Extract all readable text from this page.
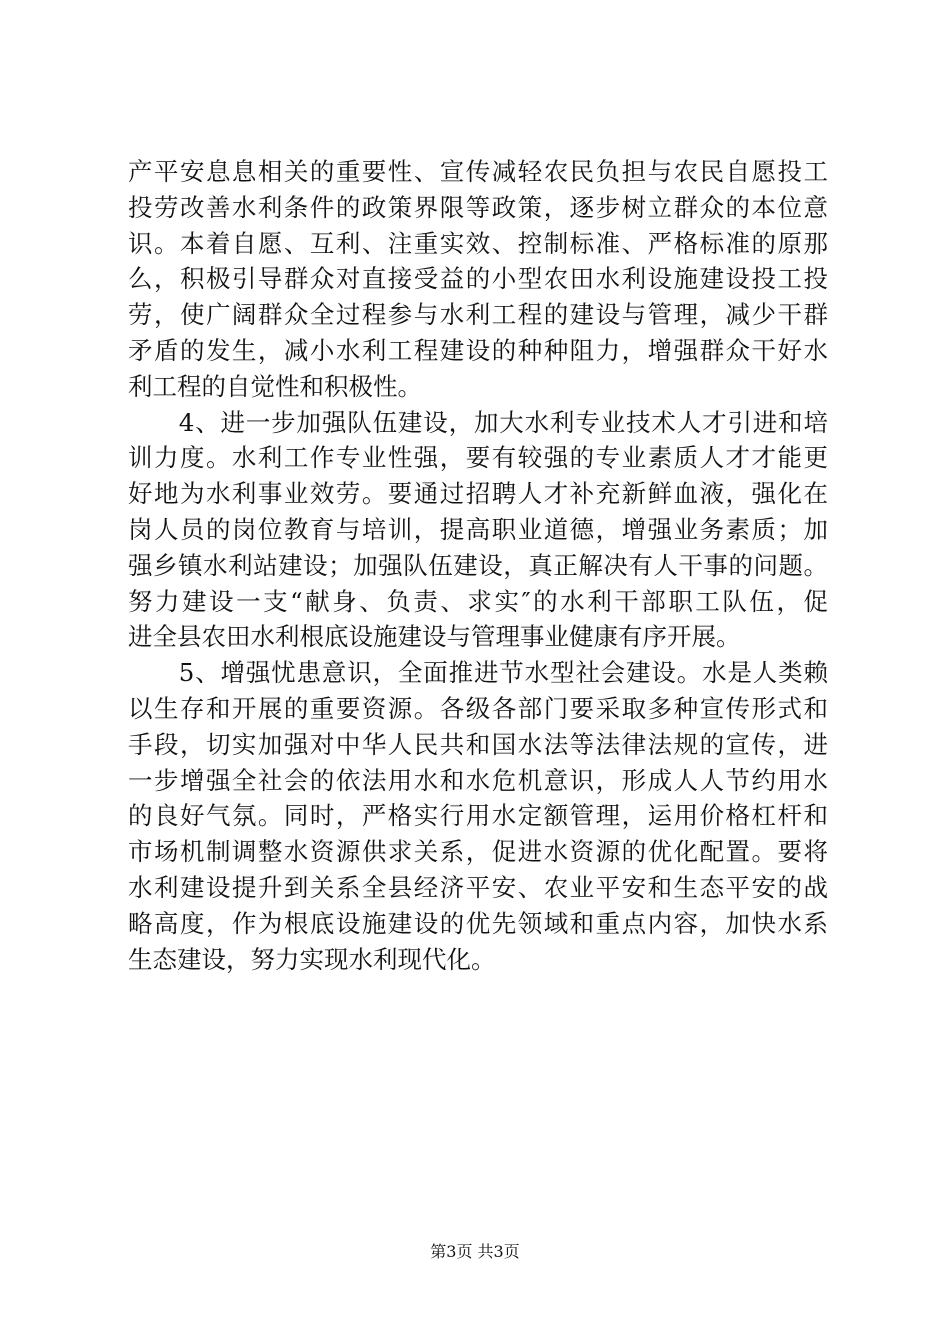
产平安息息相关的重要性、宣传减轻农民负担与农民自愿投工
投劳改善水利条件的政策界限等政策，逐步树立群众的本位意
识。本着自愿、互利、注重实效、控制标准、严格标准的原那
么，积极引导群众对直接受益的小型农田水利设施建设投工投
劳，使广阔群众全过程参与水利工程的建设与管理，减少干群
矛盾的发生，减小水利工程建设的种种阻力，增强群众干好水
利工程的自觉性和积极性。
　　4、进一步加强队伍建设，加大水利专业技术人才引进和培
训力度。水利工作专业性强，要有较强的专业素质人才才能更
好地为水利事业效劳。要通过招聘人才补充新鲜血液，强化在
岗人员的岗位教育与培训，提高职业道德，增强业务素质；加
强乡镇水利站建设；加强队伍建设，真正解决有人干事的问题。
努力建设一支“献身、负责、求实″的水利干部职工队伍，促
进全县农田水利根底设施建设与管理事业健康有序开展。
　　5、增强忧患意识，全面推进节水型社会建设。水是人类赖
以生存和开展的重要资源。各级各部门要采取多种宣传形式和
手段，切实加强对中华人民共和国水法等法律法规的宣传，进
一步增强全社会的依法用水和水危机意识，形成人人节约用水
的良好气氛。同时，严格实行用水定额管理，运用价格杠杆和
市场机制调整水资源供求关系，促进水资源的优化配置。要将
水利建设提升到关系全县经济平安、农业平安和生态平安的战
略高度，作为根底设施建设的优先领域和重点内容，加快水系
生态建设，努力实现水利现代化。
第3页 共3页
